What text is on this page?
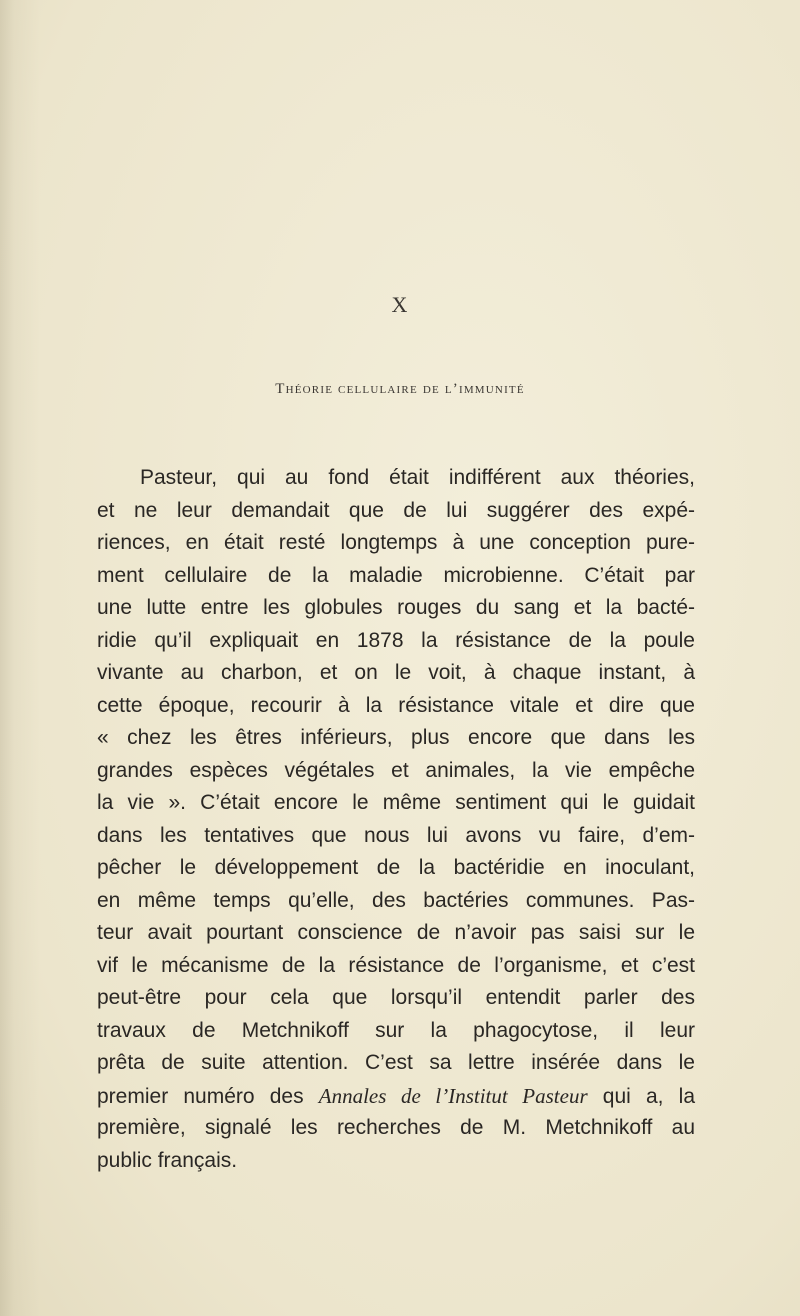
X
Théorie cellulaire de l’immunité
Pasteur, qui au fond était indifférent aux théories,
et ne leur demandait que de lui suggérer des expé-
riences, en était resté longtemps à une conception pure-
ment cellulaire de la maladie microbienne. C’était par
une lutte entre les globules rouges du sang et la bacté-
ridie qu’il expliquait en 1878 la résistance de la poule
vivante au charbon, et on le voit, à chaque instant, à
cette époque, recourir à la résistance vitale et dire que
« chez les êtres inférieurs, plus encore que dans les
grandes espèces végétales et animales, la vie empêche
la vie ». C’était encore le même sentiment qui le guidait
dans les tentatives que nous lui avons vu faire, d’em-
pêcher le développement de la bactéridie en inoculant,
en même temps qu’elle, des bactéries communes. Pas-
teur avait pourtant conscience de n’avoir pas saisi sur le
vif le mécanisme de la résistance de l’organisme, et c’est
peut-être pour cela que lorsqu’il entendit parler des
travaux de Metchnikoff sur la phagocytose, il leur
prêta de suite attention. C’est sa lettre insérée dans le
premier numéro des Annales de l’Institut Pasteur qui a, la
première, signalé les recherches de M. Metchnikoff au
public français.
